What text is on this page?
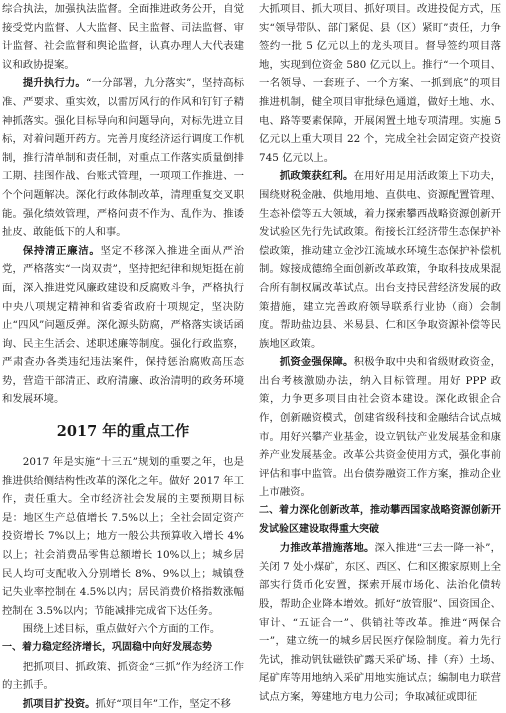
综合执法，加强执法监督。全面推进政务公开，自觉接受党内监督、人大监督、民主监督、司法监督、审计监督、社会监督和舆论监督，认真办理人大代表建议和政协提案。

提升执行力。“一分部署，九分落实”，坚持高标准、严要求、重实效，以雷厉风行的作风和钉钉子精神抓落实。强化目标导向和问题导向，对标先进立目标，对着问题开药方。完善月度经济运行调度工作机制，推行清单制和责任制，对重点工作落实质量倒排工期、挂图作战、台账式管理，一项项工作推进、一个个问题解决。深化行政体制改革，清理重复交叉职能。强化绩效管理，严格问责不作为、乱作为、推诿扯皮、敢能低下的人和事。

保持清正廉洁。坚定不移深入推进全面从严治党，严格落实“一岗双责”，坚持把纪律和规矩挺在前面，深入推进党风廉政建设和反腐败斗争，严格执行中央八项规定精神和省委省政府十项规定，坚决防止“四风”问题反弹。深化源头防腐，严格落实谈话函询、民主生活会、述职述廉等制度。强化行政监察，严肃查办各类违纪违法案件，保持惩治腐败高压态势，营造干部清正、政府清廉、政治清明的政务环境和发展环境。

2017 年的重点工作

2017 年是实施“十三五”规划的重要之年，也是推进供给侧结构性改革的深化之年。做好 2017 年工作，责任重大。全市经济社会发展的主要预期目标是：地区生产总值增长 7.5%以上；全社会固定资产投资增长 7%以上；地方一般公共预算收入增长 4%以上；社会消费品零售总额增长 10%以上；城乡居民人均可支配收入分别增长 8%、9%以上；城镇登记失业率控制在 4.5%以内；居民消费价格指数涨幅控制在 3.5%以内；节能减排完成省下达任务。

围绕上述目标，重点做好六个方面的工作。

一、着力稳定经济增长，巩固稳中向好发展态势

把抓项目、抓政策、抓资金“三抓”作为经济工作的主抓手。

抓项目扩投资。抓好“项目年”工作，坚定不移

大抓项目、抓大项目、抓好项目。改进投促方式，压实“领导带队、部门紧促、县（区）紧盯”责任，力争签约一批 5 亿元以上的龙头项目。督导签约项目落地，实现到位资金 580 亿元以上。推行“一个项目、一名领导、一套班子、一个方案、一抓到底”的项目推进机制，健全项目审批绿色通道，做好土地、水、电、路等要素保障，开展闲置土地专项清理。实施 5 亿元以上重大项目 22 个，完成全社会固定资产投资 745 亿元以上。

抓政策获红利。在用好用足用活政策上下功夫，围绕财税金融、供地用地、直供电、资源配置管理、生态补偿等五大领域，着力探索攀西战略资源创新开发试验区先行先试政策。衔接长江经济带生态保护补偿政策，推动建立金沙江流域水环境生态保护补偿机制。嫁接成德绵全面创新改革政策，争取科技成果混合所有制权属改革试点。出台支持民营经济发展的政策措施，建立完善政府领导联系行业协（商）会制度。帮助盐边县、米易县、仁和区争取资源补偿等民族地区政策。

抓资金强保障。积极争取中央和省级财政资金，出台考核激励办法，纳入目标管理。用好 PPP 政策，力争更多项目由社会资本建设。深化政银企合作，创新融资模式，创建省级科技和金融结合试点城市。用好兴攀产业基金，设立钒钛产业发展基金和康养产业发展基金。改革公共资金使用方式，强化事前评估和事中监管。出台债券融资工作方案，推动企业上市融资。

二、着力深化创新改革，推动攀西国家战略资源创新开发试验区建设取得重大突破

力推改革措施落地。深入推进“三去一降一补”，关闭 7 处小煤矿，东区、西区、仁和区搬家原则上全部实行货币化安置，探索开展市场化、法治化债转股，帮助企业降本增效。抓好“放管服”、国资国企、审计、“五证合一”、供销社等改革。推进“两保合一”，建立统一的城乡居民医疗保险制度。着力先行先试，推动钒钛磁铁矿露天采矿场、排（弃）土场、尾矿库等用地纳入采矿用地实施试点；编制电力联营试点方案，筹建地方电力公司；争取减征或即征
